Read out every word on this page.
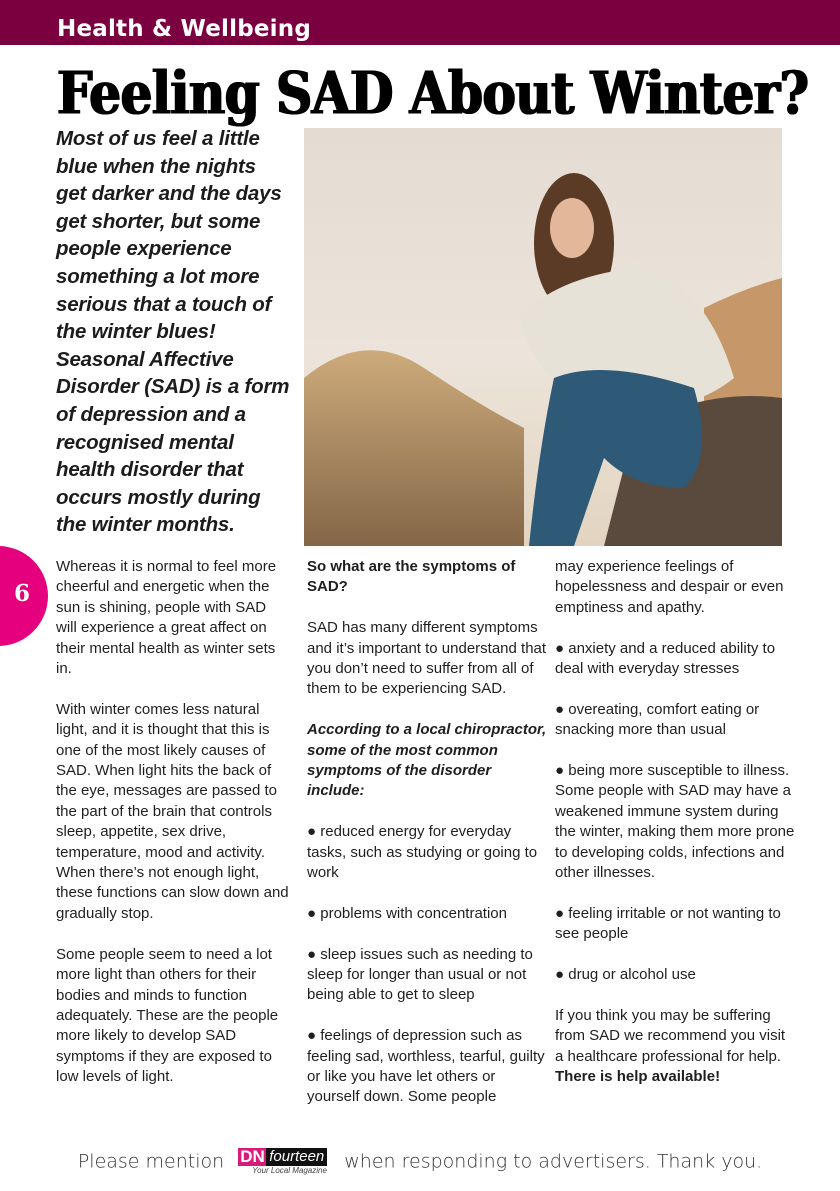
Health & Wellbeing
Feeling SAD About Winter?
Most of us feel a little blue when the nights get darker and the days get shorter, but some people experience something a lot more serious that a touch of the winter blues! Seasonal Affective Disorder (SAD) is a form of depression and a recognised mental health disorder that occurs mostly during the winter months.
6

Whereas it is normal to feel more cheerful and energetic when the sun is shining, people with SAD will experience a great affect on their mental health as winter sets in.

With winter comes less natural light, and it is thought that this is one of the most likely causes of SAD. When light hits the back of the eye, messages are passed to the part of the brain that controls sleep, appetite, sex drive, temperature, mood and activity. When there’s not enough light, these functions can slow down and gradually stop.

Some people seem to need a lot more light than others for their bodies and minds to function adequately. These are the people more likely to develop SAD symptoms if they are exposed to low levels of light.

So what are the symptoms of SAD?

SAD has many different symptoms and it’s important to understand that you don’t need to suffer from all of them to be experiencing SAD.

According to a local chiropractor, some of the most common symptoms of the disorder include:

● reduced energy for everyday tasks, such as studying or going to work

● problems with concentration

● sleep issues such as needing to sleep for longer than usual or not being able to get to sleep

● feelings of depression such as feeling sad, worthless, tearful, guilty or like you have let others or yourself down. Some people

may experience feelings of hopelessness and despair or even emptiness and apathy.

● anxiety and a reduced ability to deal with everyday stresses

● overeating, comfort eating or snacking more than usual

● being more susceptible to illness. Some people with SAD may have a weakened immune system during the winter, making them more prone to developing colds, infections and other illnesses.

● feeling irritable or not wanting to see people

● drug or alcohol use

If you think you may be suffering from SAD we recommend you visit a healthcare professional for help. There is help available!

Please mention DN fourteen
Your Local Magazine when responding to advertisers. Thank you.
